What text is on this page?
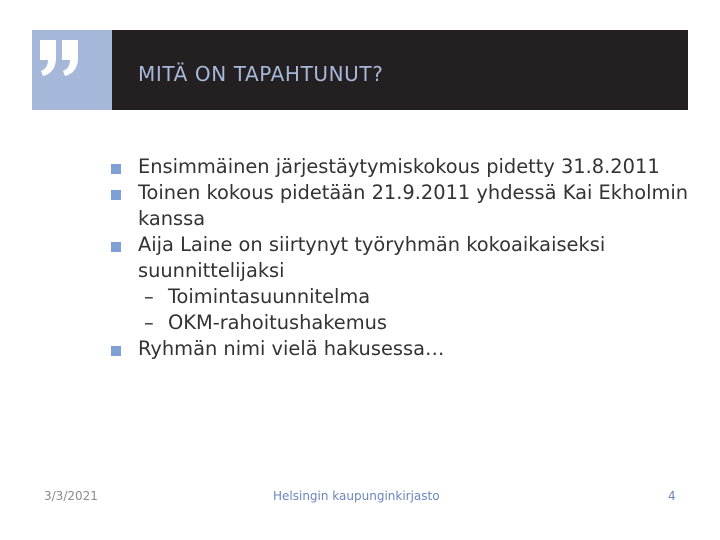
MITÄ ON TAPAHTUNUT?
Ensimmäinen järjestäytymiskokous pidetty 31.8.2011
Toinen kokous pidetään 21.9.2011 yhdessä Kai Ekholmin kanssa
Aija Laine on siirtynyt työryhmän kokoaikaiseksi suunnittelijaksi
– Toimintasuunnitelma
– OKM-rahoitushakemus
Ryhmän nimi vielä hakusessa…
3/3/2021	Helsingin kaupunginkirjasto	4
